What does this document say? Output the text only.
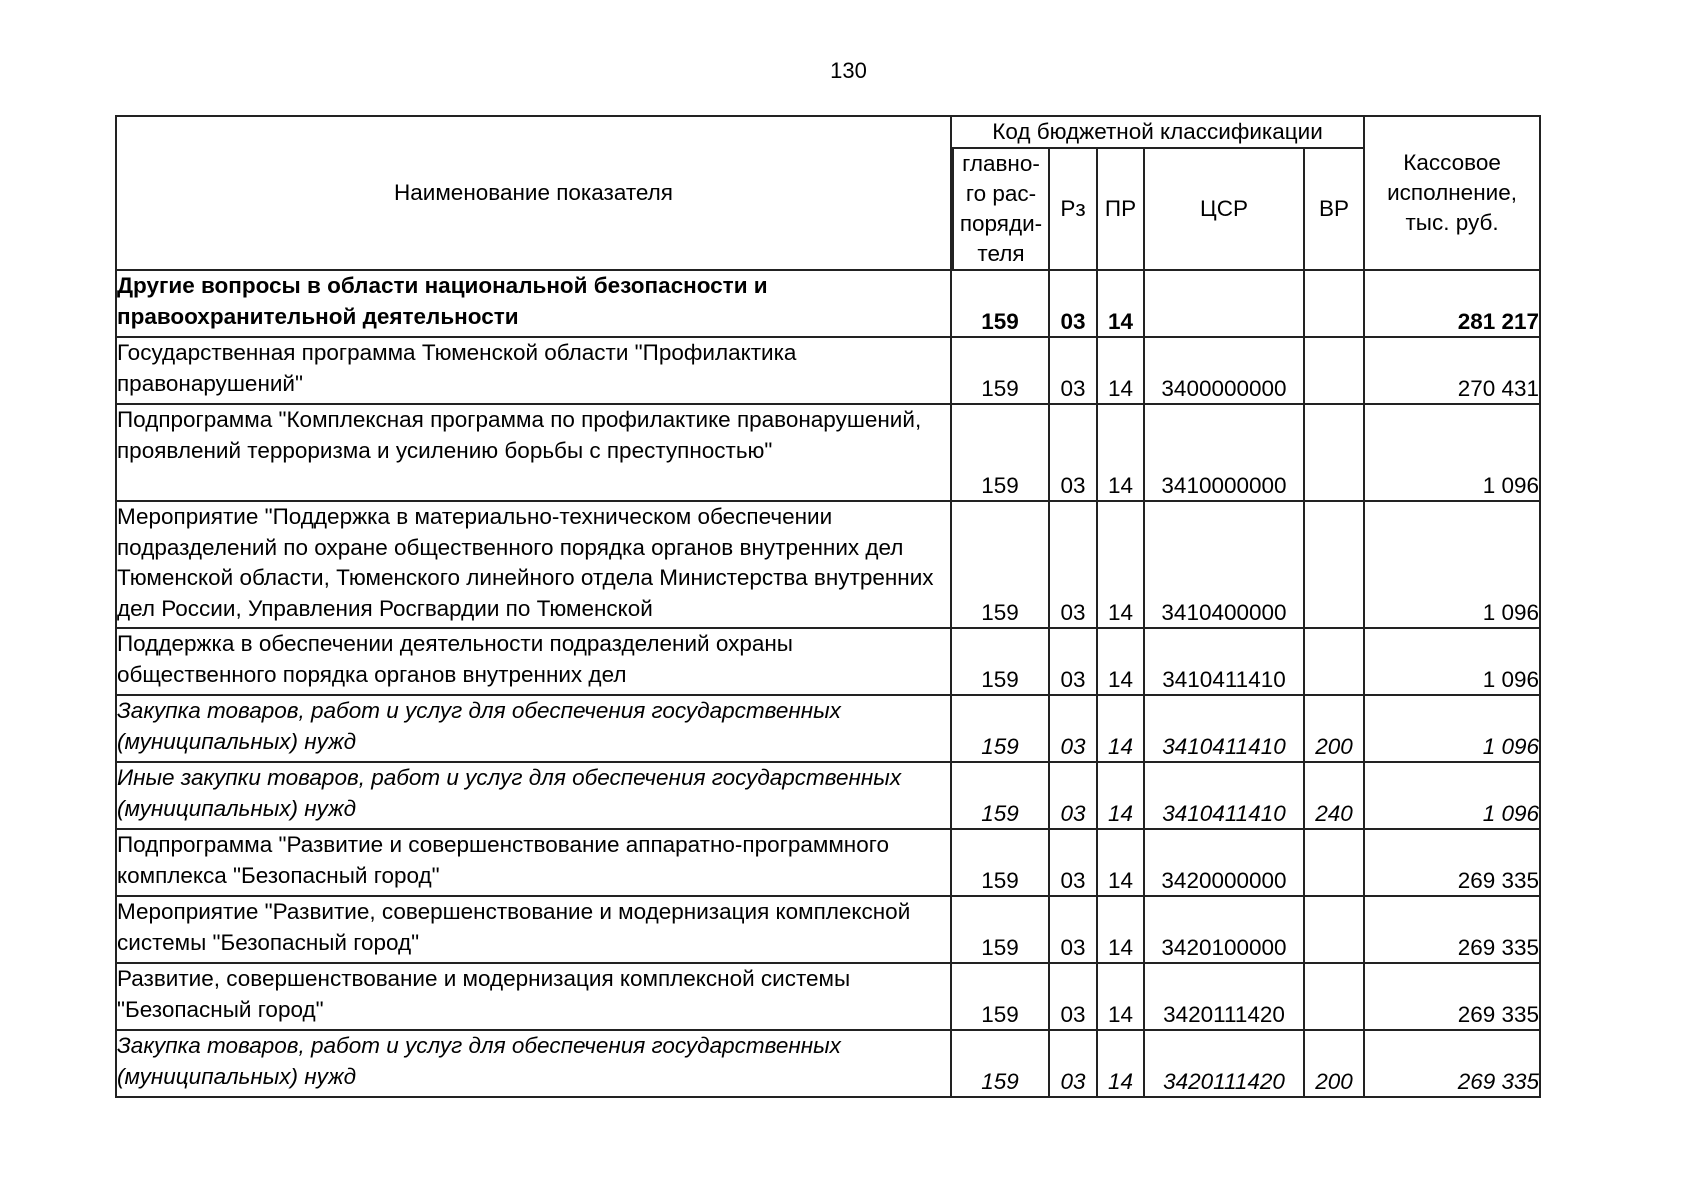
130
Наименование показателя	Код бюджетной классификации					Кассовое исполнение, тыс. руб.
	главно-го рас-поряди-теля	Рз	ПР	ЦСР	ВР	
Другие вопросы в области национальной безопасности и правоохранительной деятельности	159	03	14			281 217
Государственная программа Тюменской области "Профилактика правонарушений"	159	03	14	3400000000		270 431
Подпрограмма "Комплексная программа по профилактике правонарушений, проявлений терроризма и усилению борьбы с преступностью"	159	03	14	3410000000		1 096
Мероприятие "Поддержка в материально-техническом обеспечении подразделений по охране общественного порядка органов внутренних дел Тюменской области, Тюменского линейного отдела Министерства внутренних дел России, Управления Росгвардии по Тюменской	159	03	14	3410400000		1 096
Поддержка в обеспечении деятельности подразделений охраны общественного порядка органов внутренних дел	159	03	14	3410411410		1 096
Закупка товаров, работ и услуг для обеспечения государственных (муниципальных) нужд	159	03	14	3410411410	200	1 096
Иные закупки товаров, работ и услуг для обеспечения государственных (муниципальных) нужд	159	03	14	3410411410	240	1 096
Подпрограмма "Развитие и совершенствование аппаратно-программного комплекса "Безопасный город"	159	03	14	3420000000		269 335
Мероприятие "Развитие, совершенствование и модернизация комплексной системы "Безопасный город"	159	03	14	3420100000		269 335
Развитие, совершенствование и модернизация комплексной системы "Безопасный город"	159	03	14	3420111420		269 335
Закупка товаров, работ и услуг для обеспечения государственных (муниципальных) нужд	159	03	14	3420111420	200	269 335
